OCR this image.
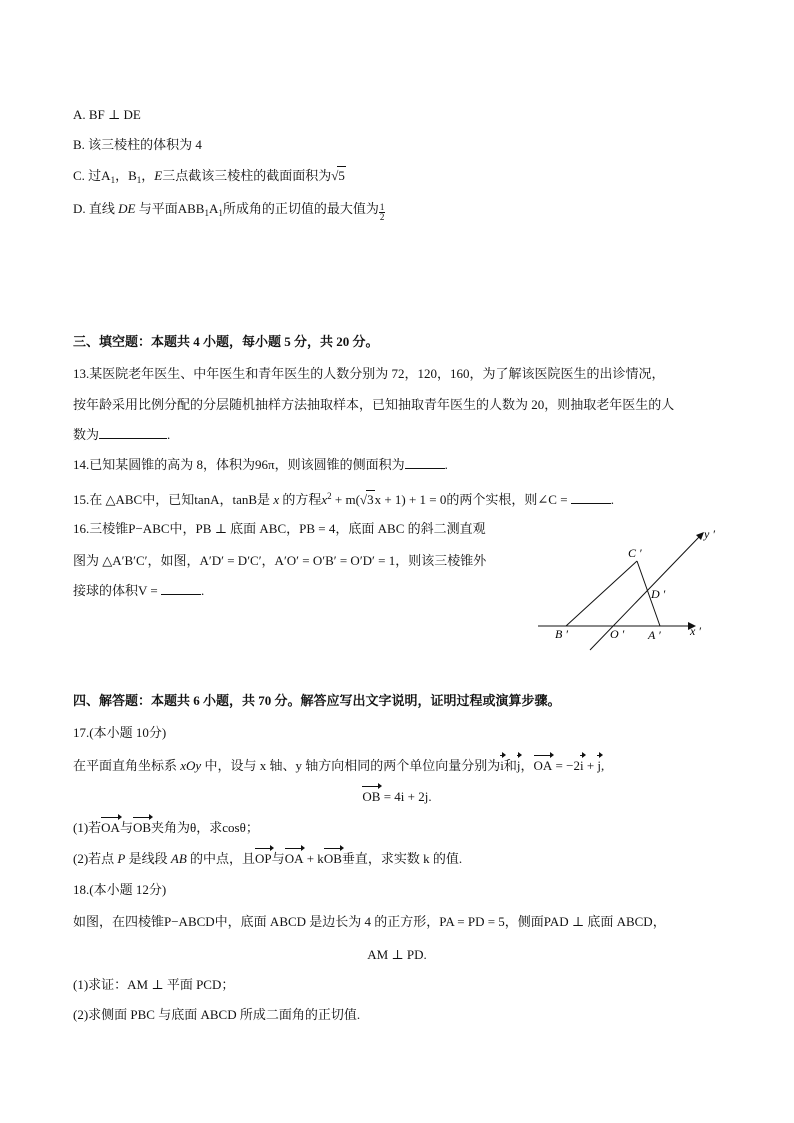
A. BF ⊥ DE
B. 该三棱柱的体积为 4
C. 过$A_1$，$B_1$，E三点截该三棱柱的截面面积为√5
D. 直线 DE 与平面$ABB_1A_1$所成角的正切值的最大值为 $\frac{1}{2}$
三、填空题：本题共 4 小题，每小题 5 分，共 20 分。
13.某医院老年医生、中年医生和青年医生的人数分别为 72，120，160，为了解该医院医生的出诊情况，
按年龄采用比例分配的分层随机抽样方法抽取样本，已知抽取青年医生的人数为 20，则抽取老年医生的人
数为	.
14.已知某圆锥的高为 8，体积为96π，则该圆锥的侧面积为	.
15.在 △ABC中，已知tanA，tanB是 x 的方程$x^2 + m(√3x + 1) + 1 = 0$的两个实根，则∠C =	.
16.三棱锥P−ABC中，PB ⊥ 底面 ABC，PB = 4，底面 ABC 的斜二测直观
图为 △A′B′C′，如图，A′D′ = D′C′，A′O′ = O′B′ = O′D′ = 1，则该三棱锥外
接球的体积V =	.
C ′
y ′
D ′
B ′	O ′ A ′ x ′
四、解答题：本题共 6 小题，共 70 分。解答应写出文字说明，证明过程或演算步骤。
17.(本小题 10分)
在平面直角坐标系 xOy 中，设与 x 轴、y 轴方向相同的两个单位向量分别为i和j，OA = −2i + j,
OB = 4i + 2j.
(1)若OA与OB夹角为θ，求cosθ；
(2)若点 P 是线段 AB 的中点，且OP与OA + kOB垂直，求实数 k 的值.
18.(本小题 12分)
如图，在四棱锥P−ABCD中，底面 ABCD 是边长为 4 的正方形，PA = PD = 5，侧面PAD ⊥ 底面 ABCD，
AM ⊥ PD.
(1)求证：AM ⊥ 平面 PCD；
(2)求侧面 PBC 与底面 ABCD 所成二面角的正切值.
